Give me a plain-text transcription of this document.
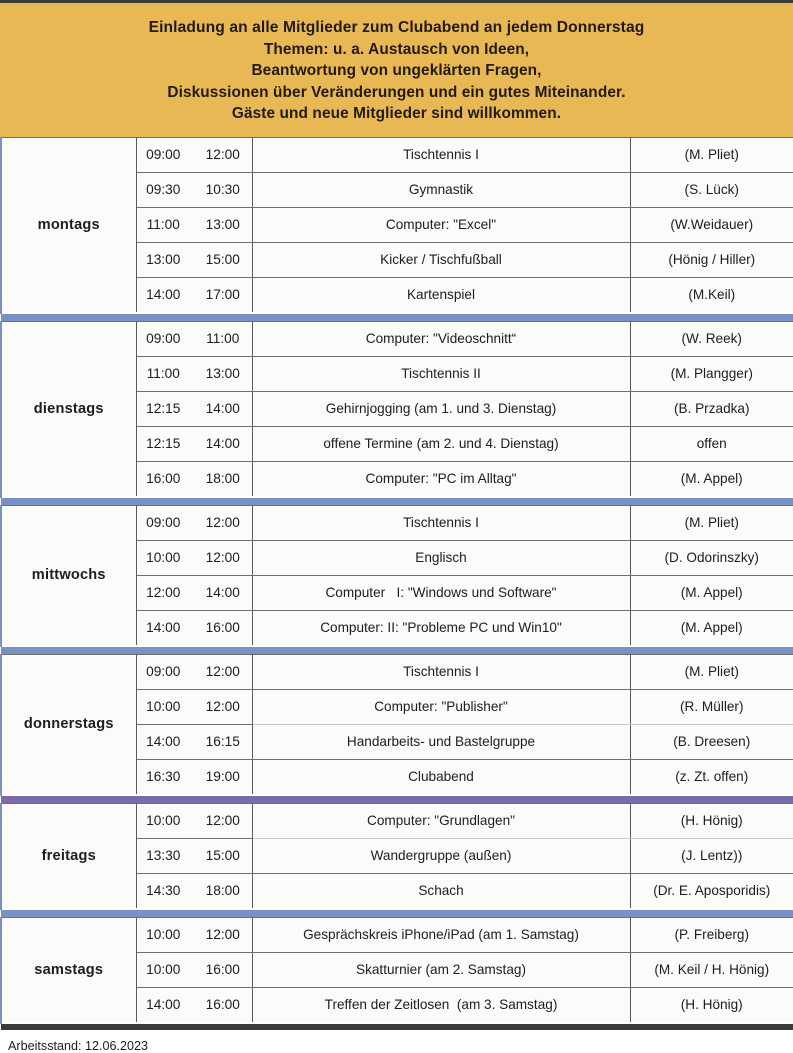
Einladung an alle Mitglieder zum Clubabend an jedem Donnerstag
Themen: u. a. Austausch von Ideen,
Beantwortung von ungeklärten Fragen,
Diskussionen über Veränderungen und ein gutes Miteinander.
Gäste und neue Mitglieder sind willkommen.
montags	09:00	12:00	Tischtennis I	(M. Pliet)
	09:30	10:30	Gymnastik	(S. Lück)
	11:00	13:00	Computer: "Excel"	(W.Weidauer)
	13:00	15:00	Kicker / Tischfußball	(Hönig / Hiller)
	14:00	17:00	Kartenspiel	(M.Keil)

dienstags	09:00	11:00	Computer: "Videoschnitt“	(W. Reek)
	11:00	13:00	Tischtennis II	(M. Plangger)
	12:15	14:00	Gehirnjogging (am 1. und 3. Dienstag)	(B. Przadka)
	12:15	14:00	offene Termine (am 2. und 4. Dienstag)	offen
	16:00	18:00	Computer: "PC im Alltag"	(M. Appel)

mittwochs	09:00	12:00	Tischtennis I	(M. Pliet)
	10:00	12:00	Englisch	(D. Odorinszky)
	12:00	14:00	Computer   I: "Windows und Software"	(M. Appel)
	14:00	16:00	Computer: II: "Probleme PC und Win10"	(M. Appel)

donnerstags	09:00	12:00	Tischtennis I	(M. Pliet)
	10:00	12:00	Computer: "Publisher"	(R. Müller)
	14:00	16:15	Handarbeits- und Bastelgruppe	(B. Dreesen)
	16:30	19:00	Clubabend	(z. Zt. offen)

freitags	10:00	12:00	Computer: "Grundlagen"	(H. Hönig)
	13:30	15:00	Wandergruppe (außen)	(J. Lentz))
	14:30	18:00	Schach	(Dr. E. Aposporidis)

samstags	10:00	12:00	Gesprächskreis iPhone/iPad (am 1. Samstag)	(P. Freiberg)
	10:00	16:00	Skatturnier (am 2. Samstag)	(M. Keil / H. Hönig)
	14:00	16:00	Treffen der Zeitlosen  (am 3. Samstag)	(H. Hönig)

Arbeitsstand: 12.06.2023
